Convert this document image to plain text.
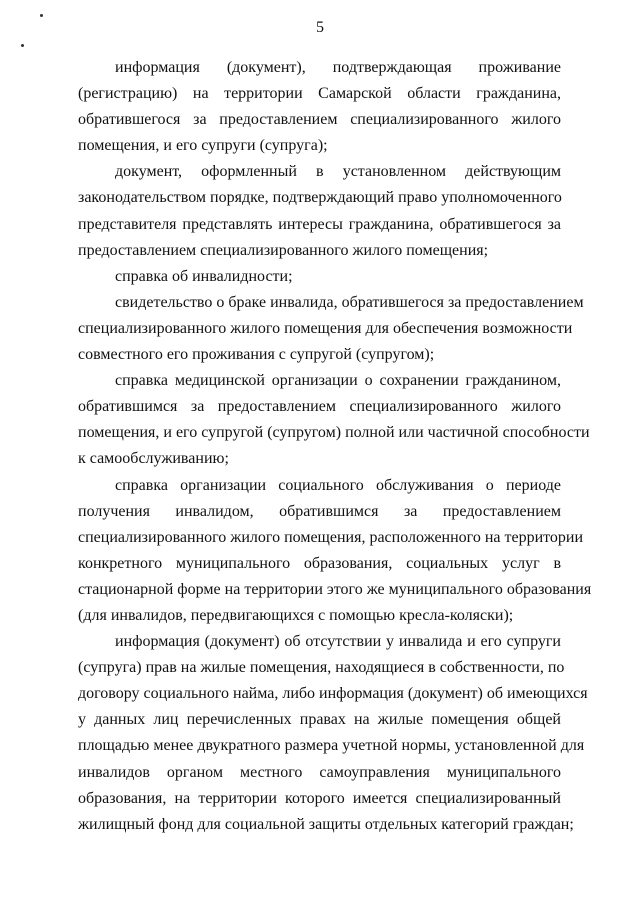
5

информация (документ), подтверждающая проживание
(регистрацию) на территории Самарской области гражданина,
обратившегося за предоставлением специализированного жилого
помещения, и его супруги (супруга);

документ, оформленный в установленном действующим
законодательством порядке, подтверждающий право уполномоченного
представителя представлять интересы гражданина, обратившегося за
предоставлением специализированного жилого помещения;

справка об инвалидности;

свидетельство о браке инвалида, обратившегося за предоставлением
специализированного жилого помещения для обеспечения возможности
совместного его проживания с супругой (супругом);

справка медицинской организации о сохранении гражданином,
обратившимся за предоставлением специализированного жилого
помещения, и его супругой (супругом) полной или частичной способности
к самообслуживанию;

справка организации социального обслуживания о периоде
получения инвалидом, обратившимся за предоставлением
специализированного жилого помещения, расположенного на территории
конкретного муниципального образования, социальных услуг в
стационарной форме на территории этого же муниципального образования
(для инвалидов, передвигающихся с помощью кресла-коляски);

информация (документ) об отсутствии у инвалида и его супруги
(супруга) прав на жилые помещения, находящиеся в собственности, по
договору социального найма, либо информация (документ) об имеющихся
у данных лиц перечисленных правах на жилые помещения общей
площадью менее двукратного размера учетной нормы, установленной для
инвалидов органом местного самоуправления муниципального
образования, на территории которого имеется специализированный
жилищный фонд для социальной защиты отдельных категорий граждан;
